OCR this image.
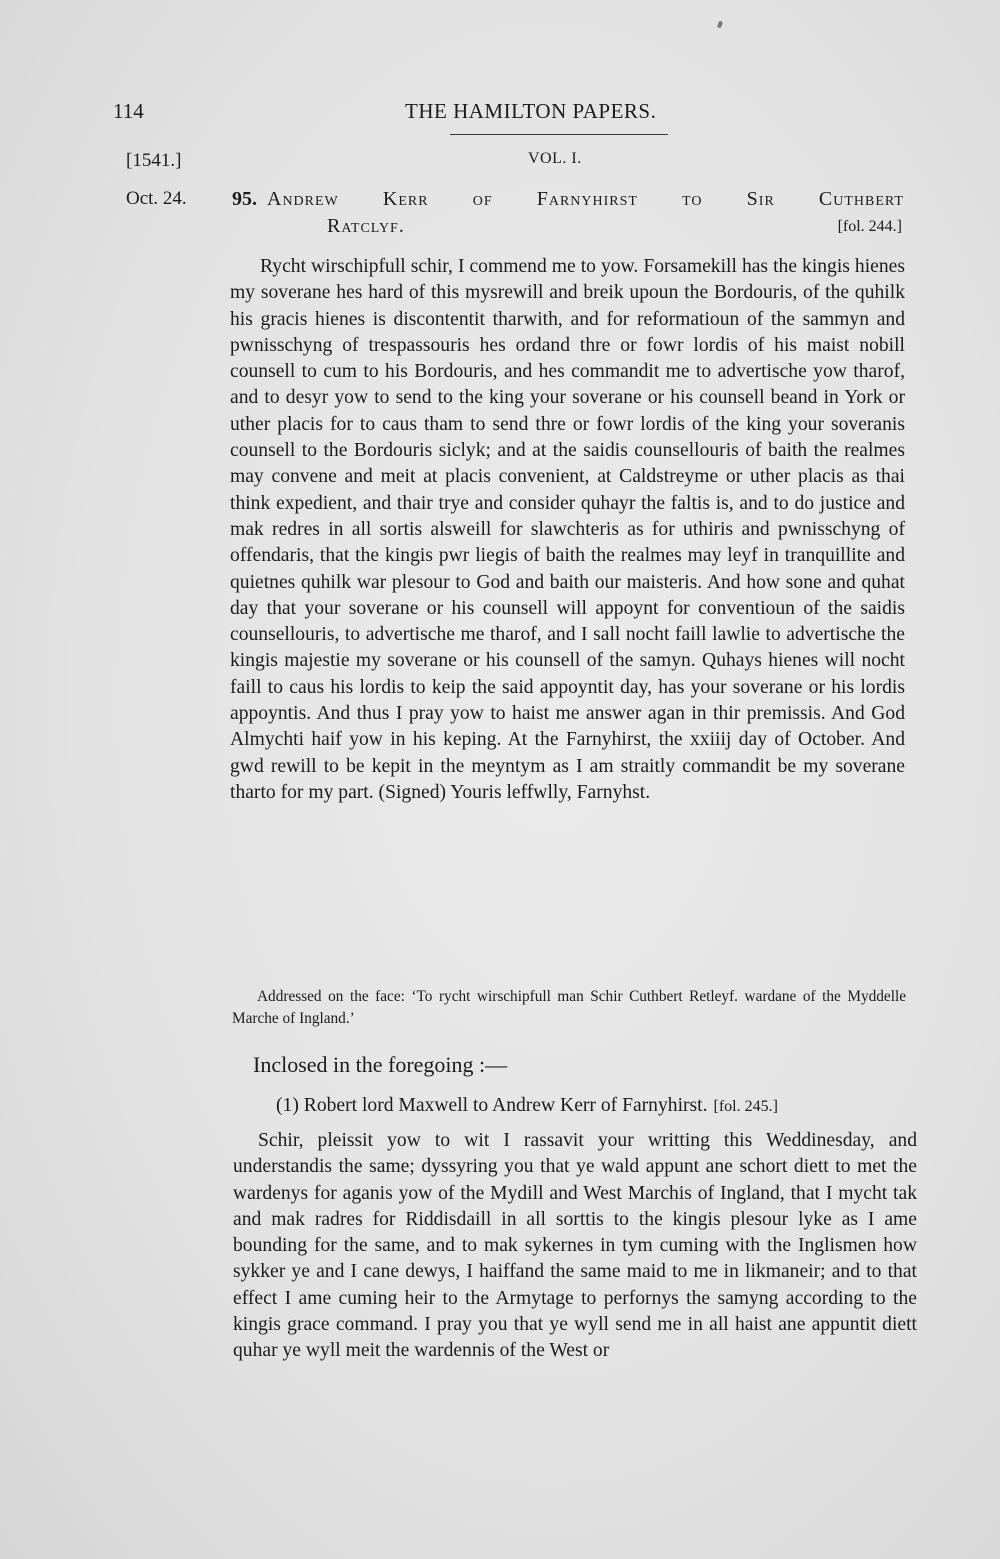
114	THE HAMILTON PAPERS.
[1541.]	VOL. I.
Oct. 24. 95. Andrew Kerr of Farnyhirst to Sir Cuthbert
Ratclyf.	[fol. 244.]

Rycht wirschipfull schir, I commend me to yow. Forsamekill has the kingis hienes my soverane hes hard of this mysrewill and breik upoun the Bordouris, of the quhilk his gracis hienes is discontentit tharwith, and for reformatioun of the sammyn and pwnisschyng of trespassouris hes ordand thre or fowr lordis of his maist nobill counsell to cum to his Bordouris, and hes commandit me to advertische yow tharof, and to desyr yow to send to the king your soverane or his counsell beand in York or uther placis for to caus tham to send thre or fowr lordis of the king your soveranis counsell to the Bordouris siclyk; and at the saidis counsellouris of baith the realmes may convene and meit at placis convenient, at Caldstreyme or uther placis as thai think expedient, and thair trye and consider quhayr the faltis is, and to do justice and mak redres in all sortis alsweill for slawchteris as for uthiris and pwnisschyng of offendaris, that the kingis pwr liegis of baith the realmes may leyf in tranquillite and quietnes quhilk war plesour to God and baith our maisteris. And how sone and quhat day that your soverane or his counsell will appoynt for conventioun of the saidis counsellouris, to advertische me tharof, and I sall nocht faill lawlie to advertische the kingis majestie my soverane or his counsell of the samyn. Quhays hienes will nocht faill to caus his lordis to keip the said appoyntit day, has your soverane or his lordis appoyntis. And thus I pray yow to haist me answer agan in thir premissis. And God Almychti haif yow in his keping. At the Farnyhirst, the xxiiij day of October. And gwd rewill to be kepit in the meyntym as I am straitly commandit be my soverane tharto for my part. (Signed) Youris leffwlly, Farnyhst.

Addressed on the face: ‘To rycht wirschipfull man Schir Cuthbert Retleyf. wardane of the Myddelle Marche of Ingland.’

Inclosed in the foregoing :—
(1) Robert lord Maxwell to Andrew Kerr of Farnyhirst. [fol. 245.]

Schir, pleissit yow to wit I rassavit your writting this Weddinesday, and understandis the same; dyssyring you that ye wald appunt ane schort diett to met the wardenys for aganis yow of the Mydill and West Marchis of Ingland, that I mycht tak and mak radres for Riddisdaill in all sorttis to the kingis plesour lyke as I ame bounding for the same, and to mak sykernes in tym cuming with the Inglismen how sykker ye and I cane dewys, I haiffand the same maid to me in likmaneir; and to that effect I ame cuming heir to the Armytage to perfornys the samyng according to the kingis grace command. I pray you that ye wyll send me in all haist ane appuntit diett quhar ye wyll meit the wardennis of the West or
